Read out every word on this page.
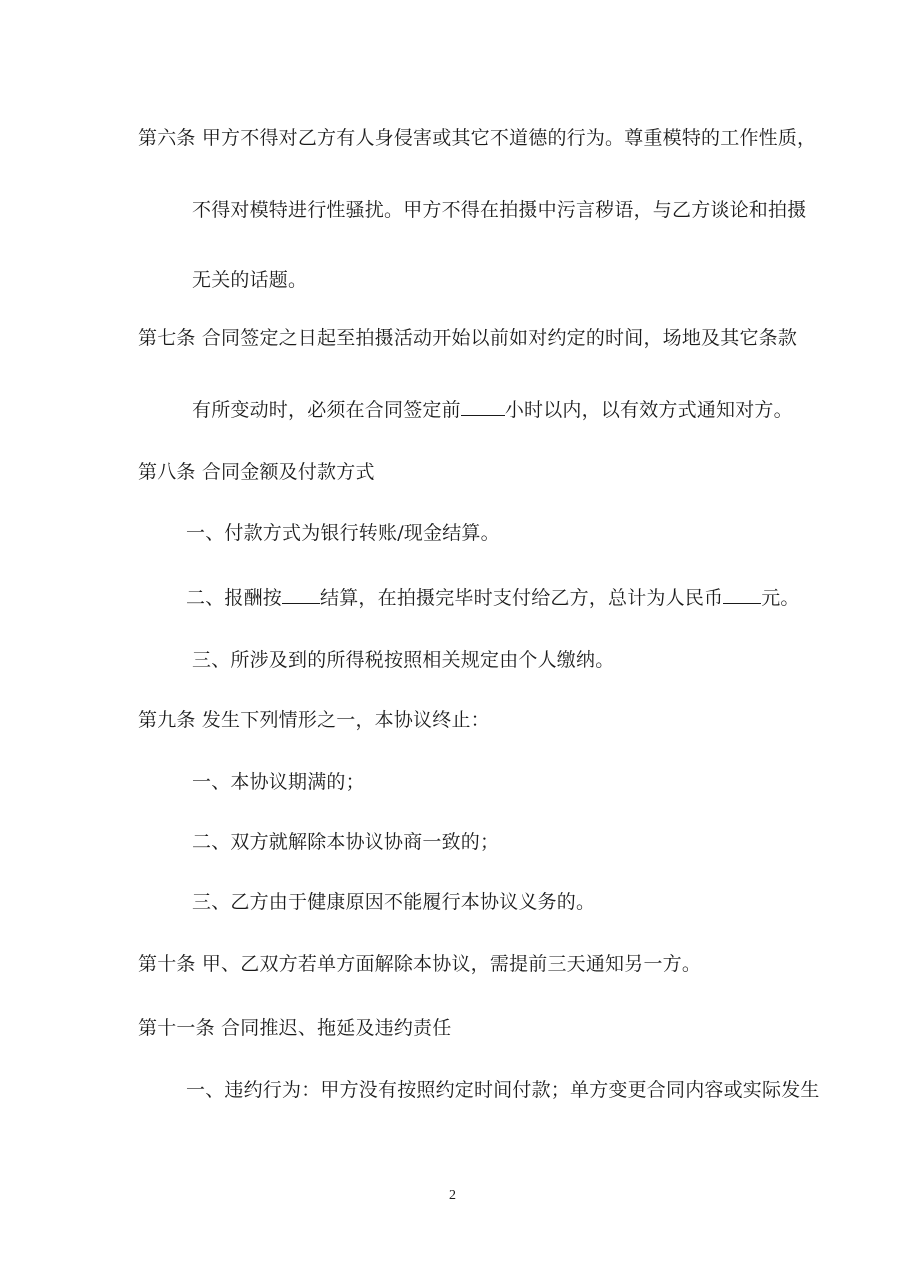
第六条 甲方不得对乙方有人身侵害或其它不道德的行为。尊重模特的工作性质，
不得对模特进行性骚扰。甲方不得在拍摄中污言秽语，与乙方谈论和拍摄
无关的话题。
第七条 合同签定之日起至拍摄活动开始以前如对约定的时间，场地及其它条款
有所变动时，必须在合同签定前 小时以内，以有效方式通知对方。
第八条 合同金额及付款方式
一、付款方式为银行转账/现金结算。
二、报酬按 结算，在拍摄完毕时支付给乙方，总计为人民币 元。
三、所涉及到的所得税按照相关规定由个人缴纳。
第九条 发生下列情形之一，本协议终止：
一、本协议期满的；
二、双方就解除本协议协商一致的；
三、乙方由于健康原因不能履行本协议义务的。
第十条 甲、乙双方若单方面解除本协议，需提前三天通知另一方。
第十一条 合同推迟、拖延及违约责任
一、违约行为：甲方没有按照约定时间付款；单方变更合同内容或实际发生
2
